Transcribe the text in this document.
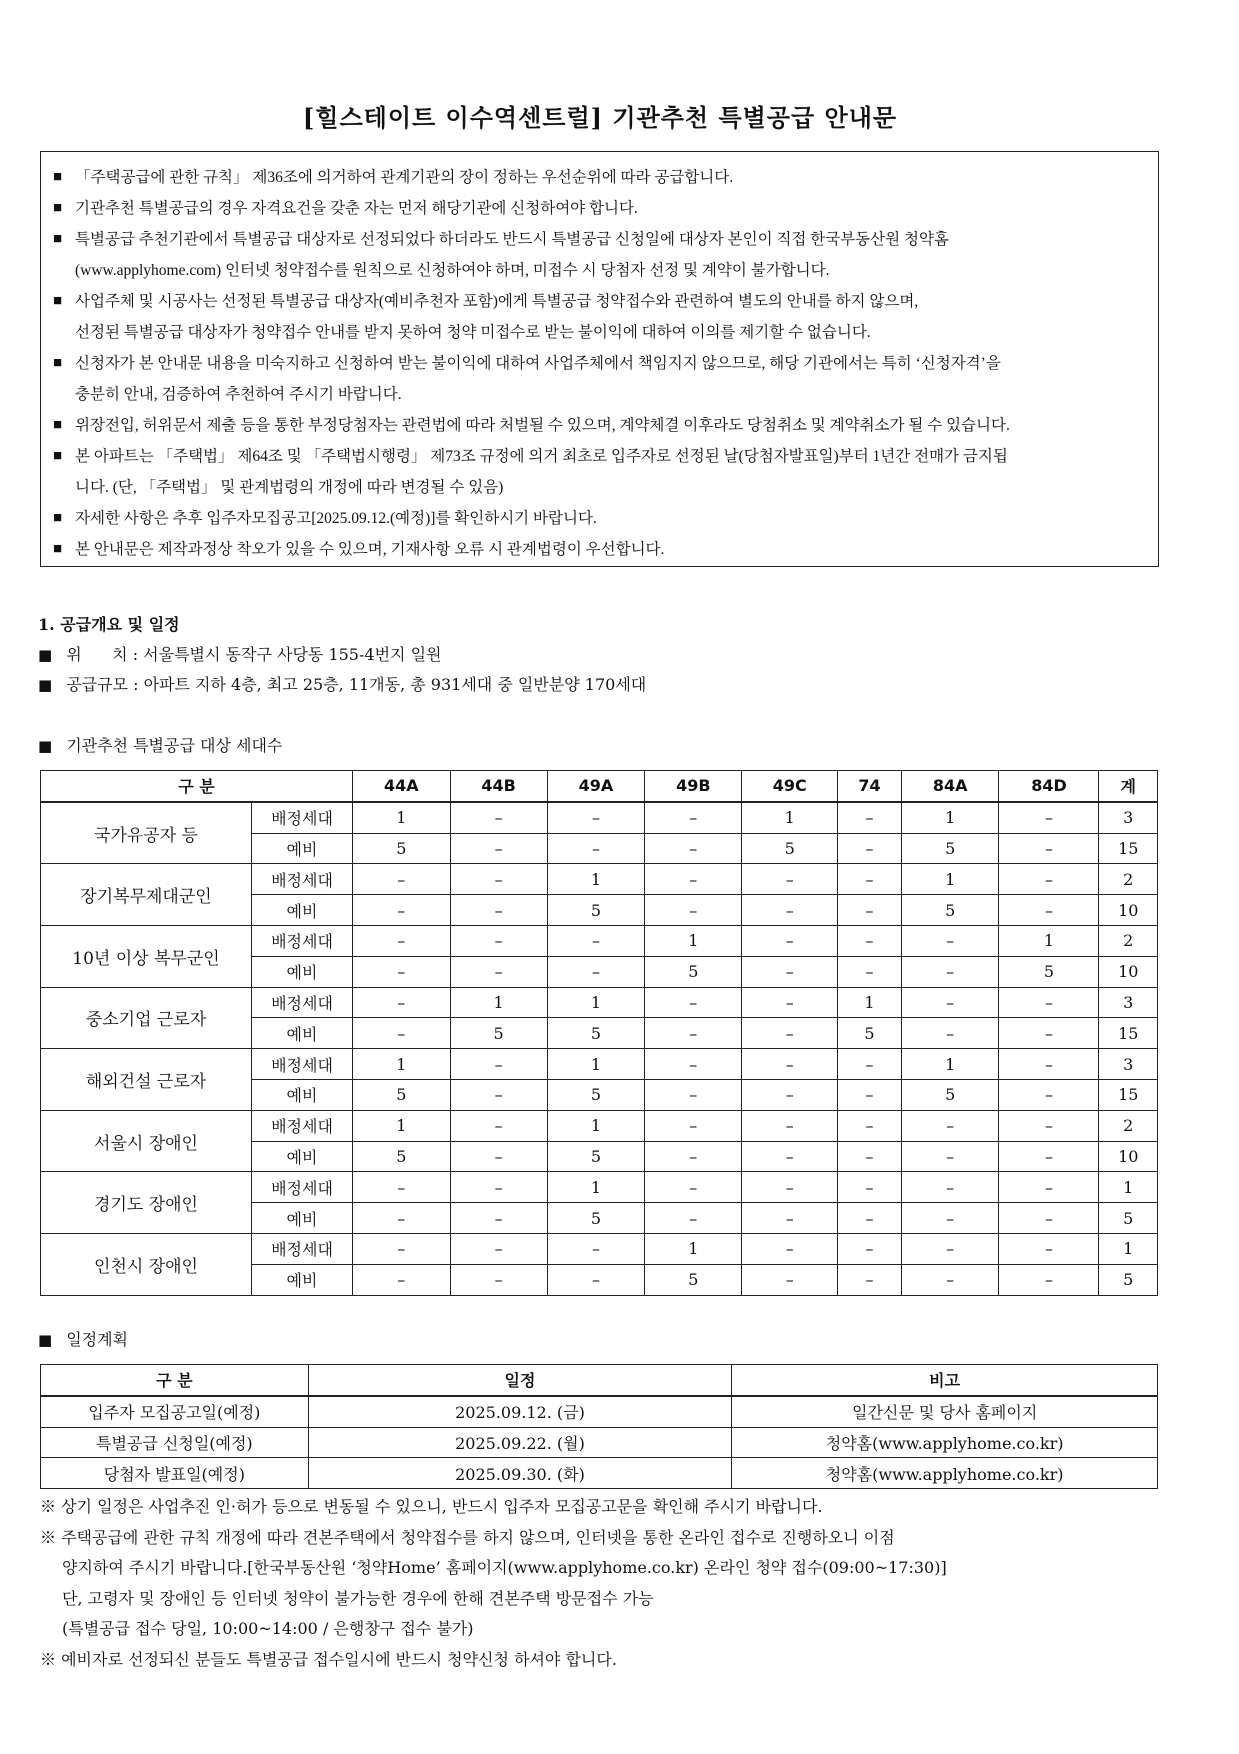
[힐스테이트 이수역센트럴] 기관추천 특별공급 안내문
■ 「주택공급에 관한 규칙」 제36조에 의거하여 관계기관의 장이 정하는 우선순위에 따라 공급합니다.
■ 기관추천 특별공급의 경우 자격요건을 갖춘 자는 먼저 해당기관에 신청하여야 합니다.
■ 특별공급 추천기관에서 특별공급 대상자로 선정되었다 하더라도 반드시 특별공급 신청일에 대상자 본인이 직접 한국부동산원 청약홈
(www.applyhome.com) 인터넷 청약접수를 원칙으로 신청하여야 하며, 미접수 시 당첨자 선정 및 계약이 불가합니다.
■ 사업주체 및 시공사는 선정된 특별공급 대상자(예비추천자 포함)에게 특별공급 청약접수와 관련하여 별도의 안내를 하지 않으며,
선정된 특별공급 대상자가 청약접수 안내를 받지 못하여 청약 미접수로 받는 불이익에 대하여 이의를 제기할 수 없습니다.
■ 신청자가 본 안내문 내용을 미숙지하고 신청하여 받는 불이익에 대하여 사업주체에서 책임지지 않으므로, 해당 기관에서는 특히 ‘신청자격’을
충분히 안내, 검증하여 추천하여 주시기 바랍니다.
■ 위장전입, 허위문서 제출 등을 통한 부정당첨자는 관련법에 따라 처벌될 수 있으며, 계약체결 이후라도 당첨취소 및 계약취소가 될 수 있습니다.
■ 본 아파트는 「주택법」 제64조 및 「주택법시행령」 제73조 규정에 의거 최초로 입주자로 선정된 날(당첨자발표일)부터 1년간 전매가 금지됩
니다. (단, 「주택법」 및 관계법령의 개정에 따라 변경될 수 있음)
■ 자세한 사항은 추후 입주자모집공고[2025.09.12.(예정)]를 확인하시기 바랍니다.
■ 본 안내문은 제작과정상 착오가 있을 수 있으며, 기재사항 오류 시 관계법령이 우선합니다.
1. 공급개요 및 일정

■ 위      치 : 서울특별시 동작구 사당동 155-4번지 일원

■ 공급규모 : 아파트 지하 4층, 최고 25층, 11개동, 총 931세대 중 일반분양 170세대

■ 기관추천 특별공급 대상 세대수

구 분		44A	44B	49A	49B	49C	74	84A	84D	계
국가유공자 등	배정세대	1	–	–	–	1	–	1	–	3
	예비	5	–	–	–	5	–	5	–	15
장기복무제대군인	배정세대	–	–	1	–	–	–	1	–	2
	예비	–	–	5	–	–	–	5	–	10
10년 이상 복무군인	배정세대	–	–	–	1	–	–	–	1	2
	예비	–	–	–	5	–	–	–	5	10
중소기업 근로자	배정세대	–	1	1	–	–	1	–	–	3
	예비	–	5	5	–	–	5	–	–	15
해외건설 근로자	배정세대	1	–	1	–	–	–	1	–	3
	예비	5	–	5	–	–	–	5	–	15
서울시 장애인	배정세대	1	–	1	–	–	–	–	–	2
	예비	5	–	5	–	–	–	–	–	10
경기도 장애인	배정세대	–	–	1	–	–	–	–	–	1
	예비	–	–	5	–	–	–	–	–	5
인천시 장애인	배정세대	–	–	–	1	–	–	–	–	1
	예비	–	–	–	5	–	–	–	–	5

■ 일정계획

구 분	일정	비고
입주자 모집공고일(예정)	2025.09.12. (금)	일간신문 및 당사 홈페이지
특별공급 신청일(예정)	2025.09.22. (월)	청약홈(www.applyhome.co.kr)
당첨자 발표일(예정)	2025.09.30. (화)	청약홈(www.applyhome.co.kr)
※ 상기 일정은 사업추진 인·허가 등으로 변동될 수 있으니, 반드시 입주자 모집공고문을 확인해 주시기 바랍니다.
※ 주택공급에 관한 규칙 개정에 따라 견본주택에서 청약접수를 하지 않으며, 인터넷을 통한 온라인 접수로 진행하오니 이점
양지하여 주시기 바랍니다.[한국부동산원 ‘청약Home’ 홈페이지(www.applyhome.co.kr) 온라인 청약 접수(09:00~17:30)]
단, 고령자 및 장애인 등 인터넷 청약이 불가능한 경우에 한해 견본주택 방문접수 가능
(특별공급 접수 당일, 10:00~14:00 / 은행창구 접수 불가)
※ 예비자로 선정되신 분들도 특별공급 접수일시에 반드시 청약신청 하셔야 합니다.
